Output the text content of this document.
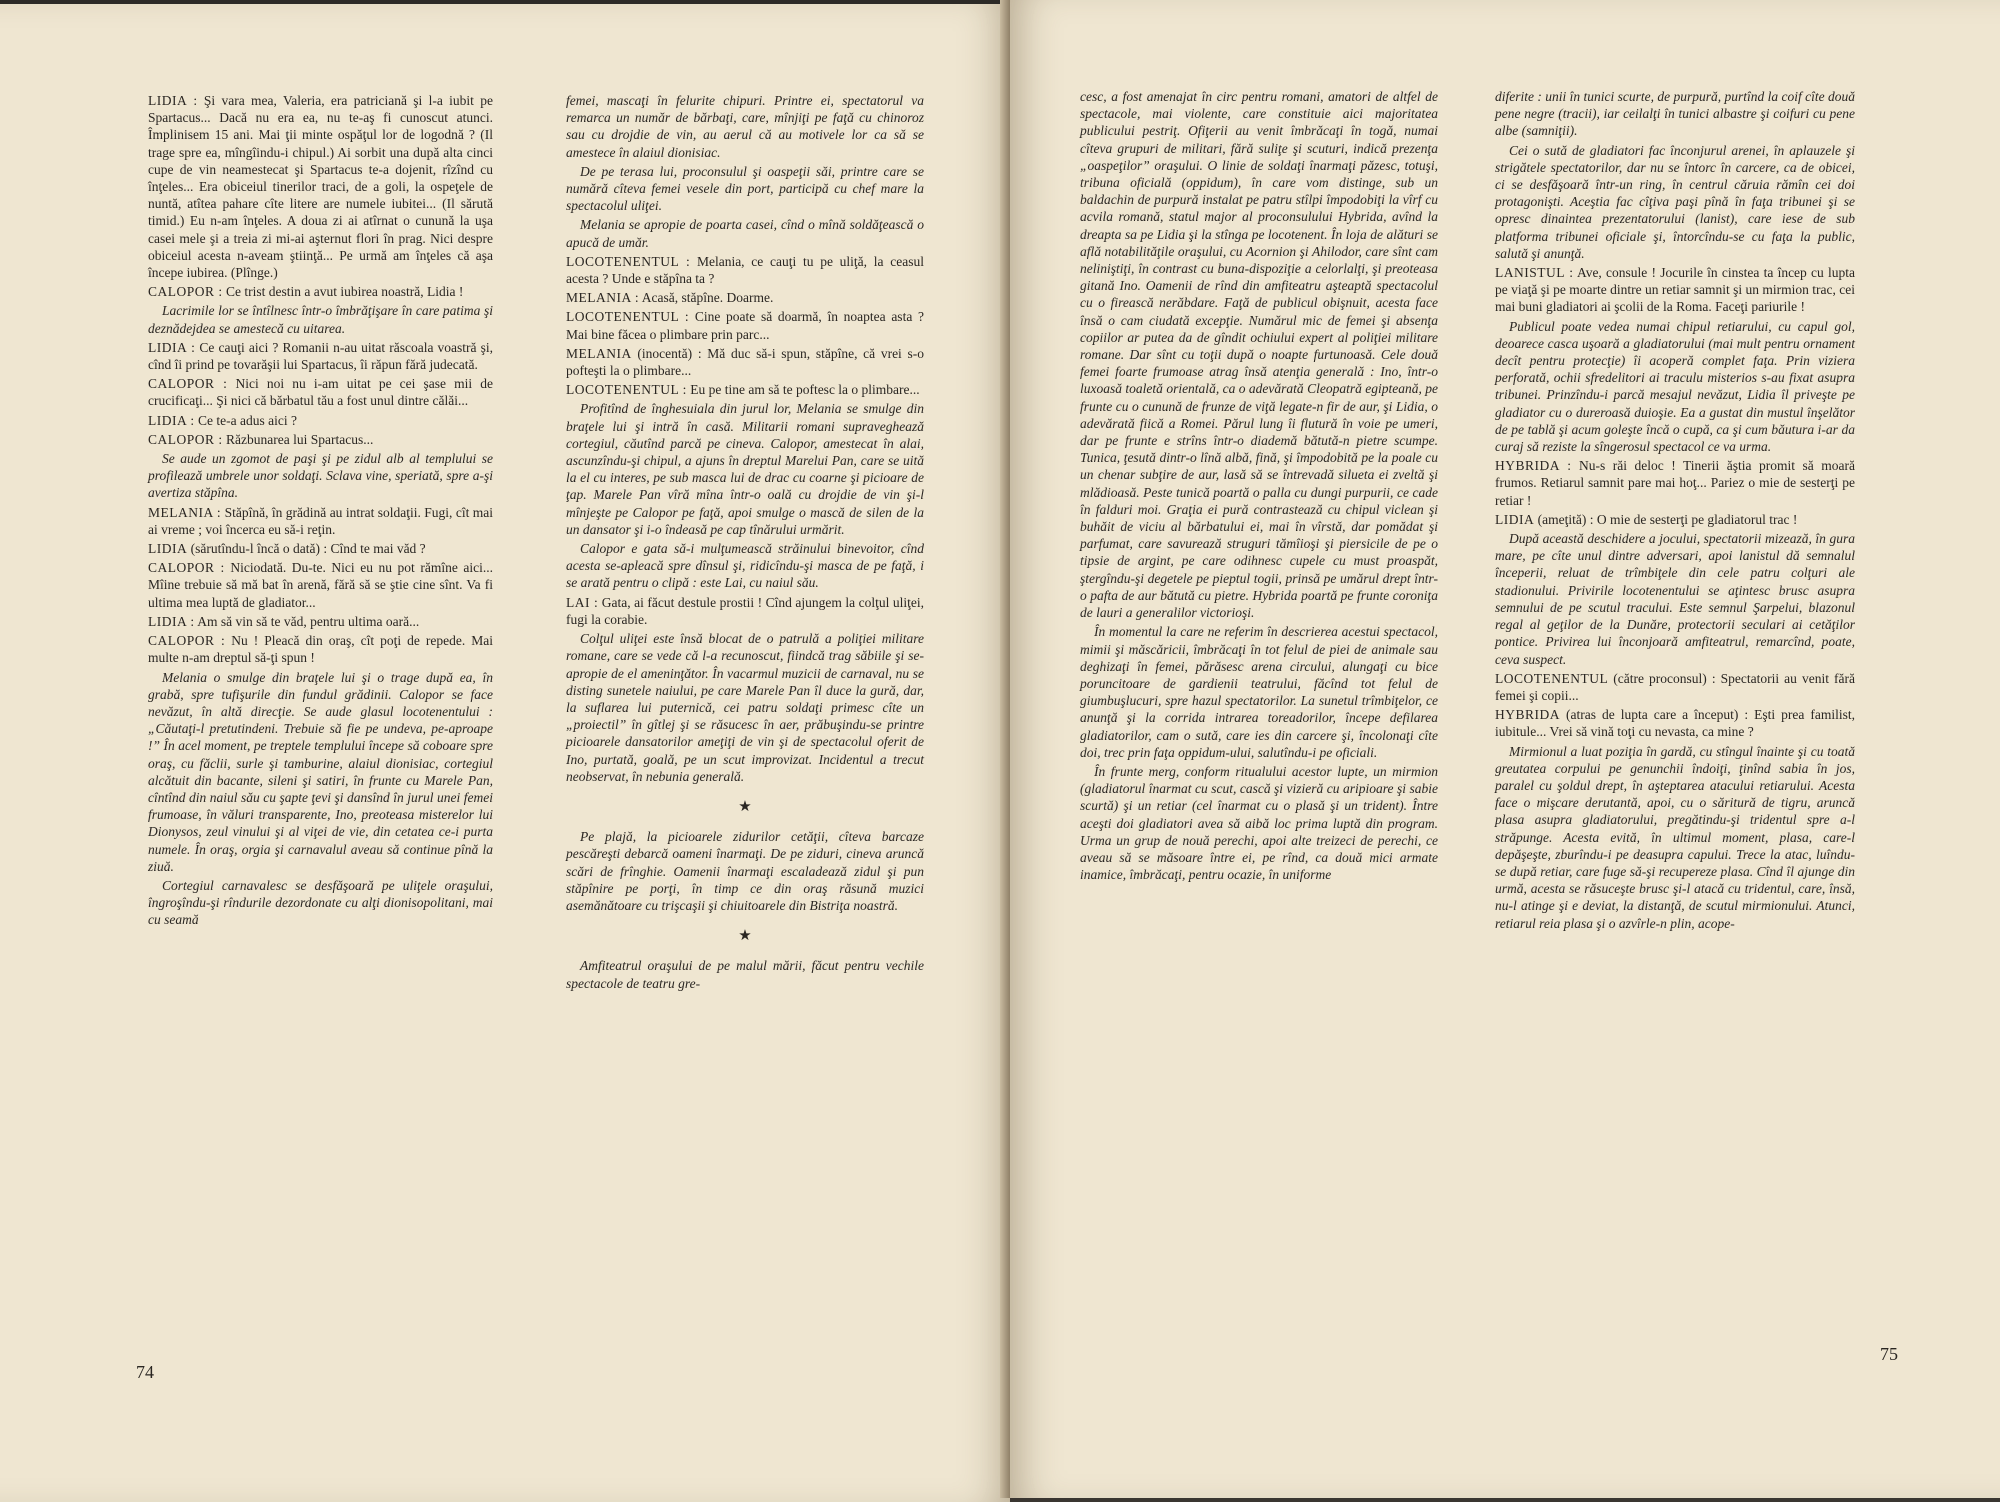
LIDIA : Şi vara mea, Valeria, era patriciană şi l-a iubit pe Spartacus... Dacă nu era ea, nu te-aş fi cunoscut atunci. Împlinisem 15 ani. Mai ţii minte ospăţul lor de logodnă ? (Il trage spre ea, mîngîindu-i chipul.) Ai sorbit una după alta cinci cupe de vin neamestecat şi Spartacus te-a dojenit, rîzînd cu înţeles... Era obiceiul tinerilor traci, de a goli, la ospeţele de nuntă, atîtea pahare cîte litere are numele iubitei... (Il sărută timid.) Eu n-am înţeles. A doua zi ai atîrnat o cunună la uşa casei mele şi a treia zi mi-ai aşternut flori în prag. Nici despre obiceiul acesta n-aveam ştiinţă... Pe urmă am înţeles că aşa începe iubirea. (Plînge.)

CALOPOR : Ce trist destin a avut iubirea noastră, Lidia !

Lacrimile lor se întîlnesc într-o îmbrăţişare în care patima şi deznădejdea se amestecă cu uitarea.

LIDIA : Ce cauţi aici ? Romanii n-au uitat răscoala voastră şi, cînd îi prind pe tovarăşii lui Spartacus, îi răpun fără judecată.

CALOPOR : Nici noi nu i-am uitat pe cei şase mii de crucificaţi... Şi nici că bărbatul tău a fost unul dintre călăi...

LIDIA : Ce te-a adus aici ?

CALOPOR : Răzbunarea lui Spartacus...

Se aude un zgomot de paşi şi pe zidul alb al templului se profilează umbrele unor soldaţi. Sclava vine, speriată, spre a-şi avertiza stăpîna.

MELANIA : Stăpînă, în grădină au intrat soldaţii. Fugi, cît mai ai vreme ; voi încerca eu să-i reţin.

LIDIA (sărutîndu-l încă o dată) : Cînd te mai văd ?

CALOPOR : Niciodată. Du-te. Nici eu nu pot rămîne aici... Mîine trebuie să mă bat în arenă, fără să se ştie cine sînt. Va fi ultima mea luptă de gladiator...

LIDIA : Am să vin să te văd, pentru ultima oară...

CALOPOR : Nu ! Pleacă din oraş, cît poţi de repede. Mai multe n-am dreptul să-ţi spun !

Melania o smulge din braţele lui şi o trage după ea, în grabă, spre tufişurile din fundul grădinii. Calopor se face nevăzut, în altă direcţie. Se aude glasul locotenentului : „Căutaţi-l pretutindeni. Trebuie să fie pe undeva, pe-aproape !” În acel moment, pe treptele templului începe să coboare spre oraş, cu făclii, surle şi tamburine, alaiul dionisiac, cortegiul alcătuit din bacante, sileni şi satiri, în frunte cu Marele Pan, cîntînd din naiul său cu şapte ţevi şi dansînd în jurul unei femei frumoase, în văluri transparente, Ino, preoteasa misterelor lui Dionysos, zeul vinului şi al viţei de vie, din cetatea ce-i purta numele. În oraş, orgia şi carnavalul aveau să continue pînă la ziuă.

Cortegiul carnavalesc se desfăşoară pe uliţele oraşului, îngroşîndu-şi rîndurile dezordonate cu alţi dionisopolitani, mai cu seamă

femei, mascaţi în felurite chipuri. Printre ei, spectatorul va remarca un număr de bărbaţi, care, mînjiţi pe faţă cu chinoroz sau cu drojdie de vin, au aerul că au motivele lor ca să se amestece în alaiul dionisiac.

De pe terasa lui, proconsulul şi oaspeţii săi, printre care se numără cîteva femei vesele din port, participă cu chef mare la spectacolul uliţei.

Melania se apropie de poarta casei, cînd o mînă soldăţească o apucă de umăr.

LOCOTENENTUL : Melania, ce cauţi tu pe uliţă, la ceasul acesta ? Unde e stăpîna ta ?

MELANIA : Acasă, stăpîne. Doarme.

LOCOTENENTUL : Cine poate să doarmă, în noaptea asta ? Mai bine făcea o plimbare prin parc...

MELANIA (inocentă) : Mă duc să-i spun, stăpîne, că vrei s-o pofteşti la o plimbare...

LOCOTENENTUL : Eu pe tine am să te poftesc la o plimbare...

Profitînd de înghesuiala din jurul lor, Melania se smulge din braţele lui şi intră în casă. Militarii romani supraveghează cortegiul, căutînd parcă pe cineva. Calopor, amestecat în alai, ascunzîndu-şi chipul, a ajuns în dreptul Marelui Pan, care se uită la el cu interes, pe sub masca lui de drac cu coarne şi picioare de ţap. Marele Pan vîră mîna într-o oală cu drojdie de vin şi-l mînjeşte pe Calopor pe faţă, apoi smulge o mască de silen de la un dansator şi i-o îndeasă pe cap tînărului urmărit.

Calopor e gata să-i mulţumească străinului binevoitor, cînd acesta se-apleacă spre dînsul şi, ridicîndu-şi masca de pe faţă, i se arată pentru o clipă : este Lai, cu naiul său.

LAI : Gata, ai făcut destule prostii ! Cînd ajungem la colţul uliţei, fugi la corabie.

Colţul uliţei este însă blocat de o patrulă a poliţiei militare romane, care se vede că l-a recunoscut, fiindcă trag săbiile şi se-apropie de el ameninţător. În vacarmul muzicii de carnaval, nu se disting sunetele naiului, pe care Marele Pan îl duce la gură, dar, la suflarea lui puternică, cei patru soldaţi primesc cîte un „proiectil” în gîtlej şi se răsucesc în aer, prăbuşindu-se printre picioarele dansatorilor ameţiţi de vin şi de spectacolul oferit de Ino, purtată, goală, pe un scut improvizat. Incidentul a trecut neobservat, în nebunia generală.

★

Pe plajă, la picioarele zidurilor cetăţii, cîteva barcaze pescăreşti debarcă oameni înarmaţi. De pe ziduri, cineva aruncă scări de frînghie. Oamenii înarmaţi escaladează zidul şi pun stăpînire pe porţi, în timp ce din oraş răsună muzici asemănătoare cu trişcaşii şi chiuitoarele din Bistriţa noastră.

★

Amfiteatrul oraşului de pe malul mării, făcut pentru vechile spectacole de teatru gre-

74

cesc, a fost amenajat în circ pentru romani, amatori de altfel de spectacole, mai violente, care constituie aici majoritatea publicului pestriţ. Ofiţerii au venit îmbrăcaţi în togă, numai cîteva grupuri de militari, fără suliţe şi scuturi, indică prezenţa „oaspeţilor” oraşului. O linie de soldaţi înarmaţi păzesc, totuşi, tribuna oficială (oppidum), în care vom distinge, sub un baldachin de purpură instalat pe patru stîlpi împodobiţi la vîrf cu acvila romană, statul major al proconsulului Hybrida, avînd la dreapta sa pe Lidia şi la stînga pe locotenent. În loja de alături se află notabilităţile oraşului, cu Acornion şi Ahilodor, care sînt cam neliniştiţi, în contrast cu buna-dispoziţie a celorlalţi, şi preoteasa gitană Ino. Oamenii de rînd din amfiteatru aşteaptă spectacolul cu o firească nerăbdare. Faţă de publicul obişnuit, acesta face însă o cam ciudată excepţie. Numărul mic de femei şi absenţa copiilor ar putea da de gîndit ochiului expert al poliţiei militare romane. Dar sînt cu toţii după o noapte furtunoasă. Cele două femei foarte frumoase atrag însă atenţia generală : Ino, într-o luxoasă toaletă orientală, ca o adevărată Cleopatră egipteană, pe frunte cu o cunună de frunze de viţă legate-n fir de aur, şi Lidia, o adevărată fiică a Romei. Părul lung îi flutură în voie pe umeri, dar pe frunte e strîns într-o diademă bătută-n pietre scumpe. Tunica, ţesută dintr-o lînă albă, fină, şi împodobită pe la poale cu un chenar subţire de aur, lasă să se întrevadă silueta ei zveltă şi mlădioasă. Peste tunică poartă o palla cu dungi purpurii, ce cade în falduri moi. Graţia ei pură contrastează cu chipul viclean şi buhăit de viciu al bărbatului ei, mai în vîrstă, dar pomădat şi parfumat, care savurează struguri tămîioşi şi piersicile de pe o tipsie de argint, pe care odihnesc cupele cu must proaspăt, ştergîndu-şi degetele pe pieptul togii, prinsă pe umărul drept într-o pafta de aur bătută cu pietre. Hybrida poartă pe frunte coroniţa de lauri a generalilor victorioşi.

În momentul la care ne referim în descrierea acestui spectacol, mimii şi măscăricii, îmbrăcaţi în tot felul de piei de animale sau deghizaţi în femei, părăsesc arena circului, alungaţi cu bice poruncitoare de gardienii teatrului, făcînd tot felul de giumbuşlucuri, spre hazul spectatorilor. La sunetul trîmbiţelor, ce anunţă şi la corrida intrarea toreadorilor, începe defilarea gladiatorilor, cam o sută, care ies din carcere şi, încolonaţi cîte doi, trec prin faţa oppidum-ului, salutîndu-i pe oficiali.

În frunte merg, conform ritualului acestor lupte, un mirmion (gladiatorul înarmat cu scut, cască şi vizieră cu aripioare şi sabie scurtă) şi un retiar (cel înarmat cu o plasă şi un trident). Între aceşti doi gladiatori avea să aibă loc prima luptă din program. Urma un grup de nouă perechi, apoi alte treizeci de perechi, ce aveau să se măsoare între ei, pe rînd, ca două mici armate inamice, îmbrăcaţi, pentru ocazie, în uniforme

diferite : unii în tunici scurte, de purpură, purtînd la coif cîte două pene negre (tracii), iar ceilalţi în tunici albastre şi coifuri cu pene albe (samniţii).

Cei o sută de gladiatori fac înconjurul arenei, în aplauzele şi strigătele spectatorilor, dar nu se întorc în carcere, ca de obicei, ci se desfăşoară într-un ring, în centrul căruia rămîn cei doi protagonişti. Aceştia fac cîţiva paşi pînă în faţa tribunei şi se opresc dinaintea prezentatorului (lanist), care iese de sub platforma tribunei oficiale şi, întorcîndu-se cu faţa la public, salută şi anunţă.

LANISTUL : Ave, consule ! Jocurile în cinstea ta încep cu lupta pe viaţă şi pe moarte dintre un retiar samnit şi un mirmion trac, cei mai buni gladiatori ai şcolii de la Roma. Faceţi pariurile !

Publicul poate vedea numai chipul retiarului, cu capul gol, deoarece casca uşoară a gladiatorului (mai mult pentru ornament decît pentru protecţie) îi acoperă complet faţa. Prin viziera perforată, ochii sfredelitori ai traculu misterios s-au fixat asupra tribunei. Prinzîndu-i parcă mesajul nevăzut, Lidia îl priveşte pe gladiator cu o dureroasă duioşie. Ea a gustat din mustul înşelător de pe tablă şi acum goleşte încă o cupă, ca şi cum băutura i-ar da curaj să reziste la sîngerosul spectacol ce va urma.

HYBRIDA : Nu-s răi deloc ! Tinerii ăştia promit să moară frumos. Retiarul samnit pare mai hoţ... Pariez o mie de sesterţi pe retiar !

LIDIA (ameţită) : O mie de sesterţi pe gladiatorul trac !

După această deschidere a jocului, spectatorii mizează, în gura mare, pe cîte unul dintre adversari, apoi lanistul dă semnalul începerii, reluat de trîmbiţele din cele patru colţuri ale stadionului. Privirile locotenentului se aţintesc brusc asupra semnului de pe scutul tracului. Este semnul Şarpelui, blazonul regal al geţilor de la Dunăre, protectorii seculari ai cetăţilor pontice. Privirea lui înconjoară amfiteatrul, remarcînd, poate, ceva suspect.

LOCOTENENTUL (către proconsul) : Spectatorii au venit fără femei şi copii...

HYBRIDA (atras de lupta care a început) : Eşti prea familist, iubitule... Vrei să vină toţi cu nevasta, ca mine ?

Mirmionul a luat poziţia în gardă, cu stîngul înainte şi cu toată greutatea corpului pe genunchii îndoiţi, ţinînd sabia în jos, paralel cu şoldul drept, în aşteptarea atacului retiarului. Acesta face o mişcare derutantă, apoi, cu o săritură de tigru, aruncă plasa asupra gladiatorului, pregătindu-şi tridentul spre a-l străpunge. Acesta evită, în ultimul moment, plasa, care-l depăşeşte, zburîndu-i pe deasupra capului. Trece la atac, luîndu-se după retiar, care fuge să-şi recupereze plasa. Cînd îl ajunge din urmă, acesta se răsuceşte brusc şi-l atacă cu tridentul, care, însă, nu-l atinge şi e deviat, la distanţă, de scutul mirmionului. Atunci, retiarul reia plasa şi o azvîrle-n plin, acope-

75
